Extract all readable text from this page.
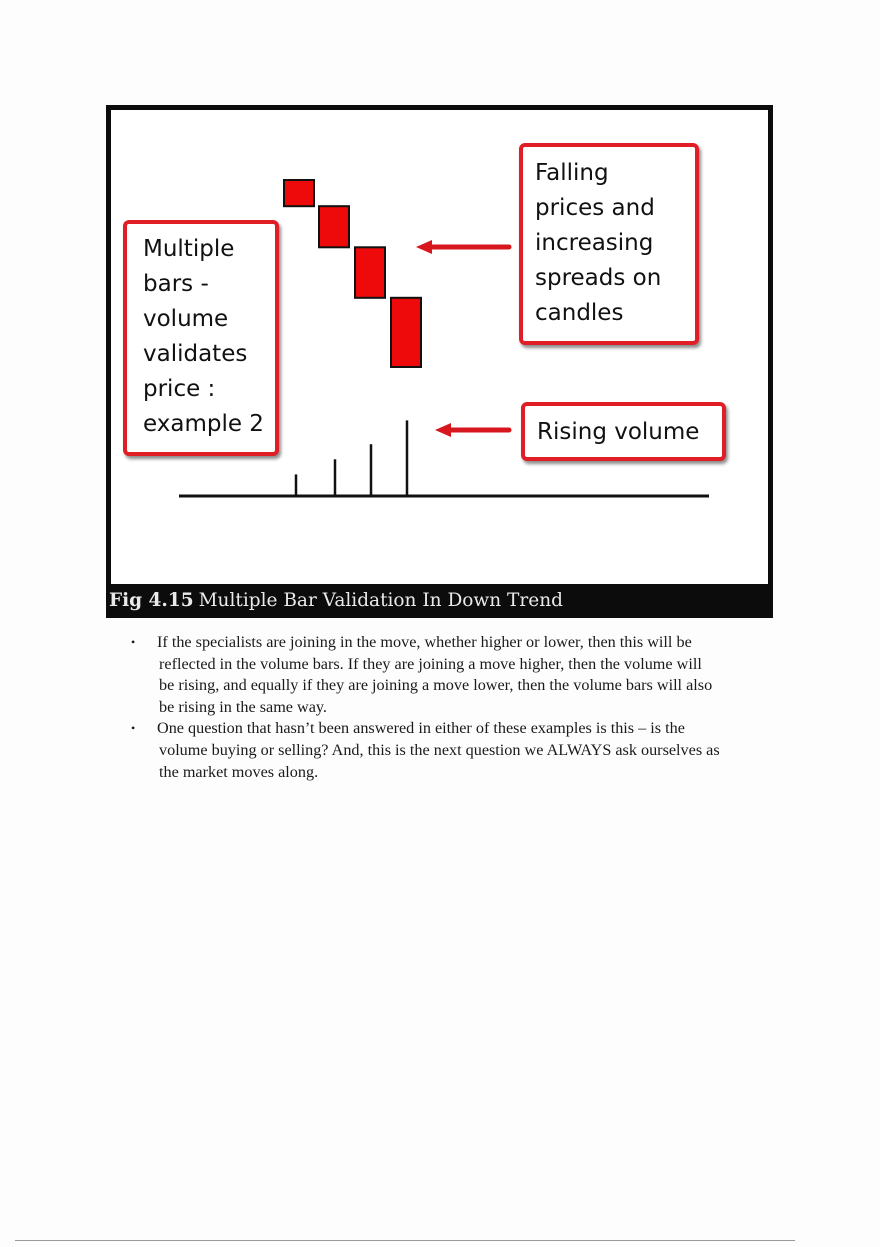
Multiple
bars -
volume
validates
price :
example 2
Falling
prices and
increasing
spreads on
candles
Rising volume
Fig 4.15 Multiple Bar Validation In Down Trend
• If the specialists are joining in the move, whether higher or lower, then this will be
reflected in the volume bars. If they are joining a move higher, then the volume will
be rising, and equally if they are joining a move lower, then the volume bars will also
be rising in the same way.
• One question that hasn’t been answered in either of these examples is this – is the
volume buying or selling? And, this is the next question we ALWAYS ask ourselves as
the market moves along.
